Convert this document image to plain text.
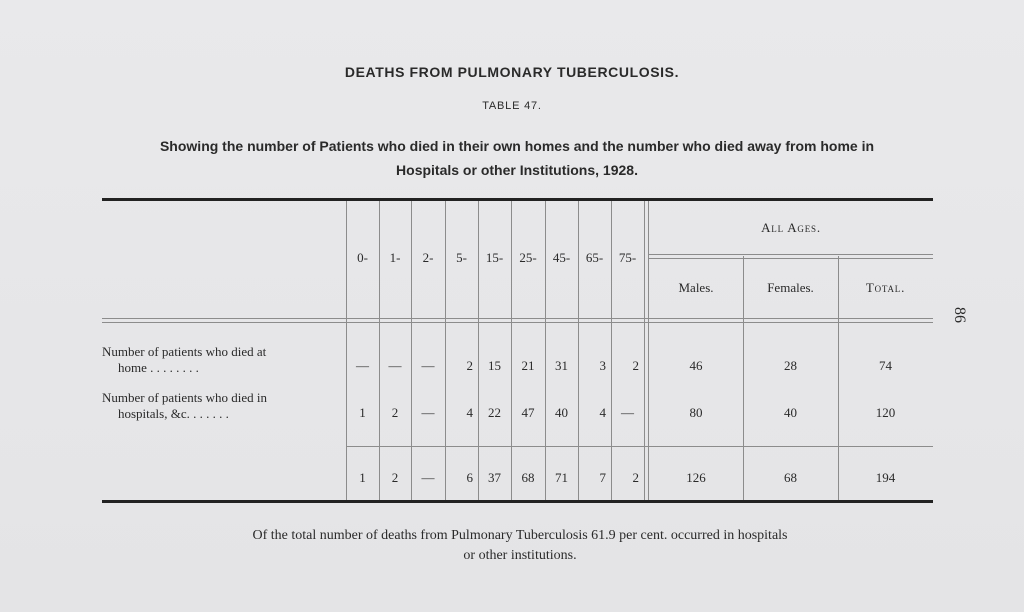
DEATHS FROM PULMONARY TUBERCULOSIS.
TABLE 47.
Showing the number of Patients who died in their own homes and the number who died away from home in
Hospitals or other Institutions, 1928.
86
0-	1-	2-	5-	15-	25-	45-	65-	75-
All Ages.
Males.	Females.	Total.
Number of patients who died at
home . . . . . . . .	—	—	—	2	15	21	31	3	2	46	28	74
Number of patients who died in
hospitals, &c. . . . . . .	1	2	—	4	22	47	40	4	—	80	40	120
1	2	—	6	37	68	71	7	2	126	68	194
Of the total number of deaths from Pulmonary Tuberculosis 61.9 per cent. occurred in hospitals
or other institutions.
